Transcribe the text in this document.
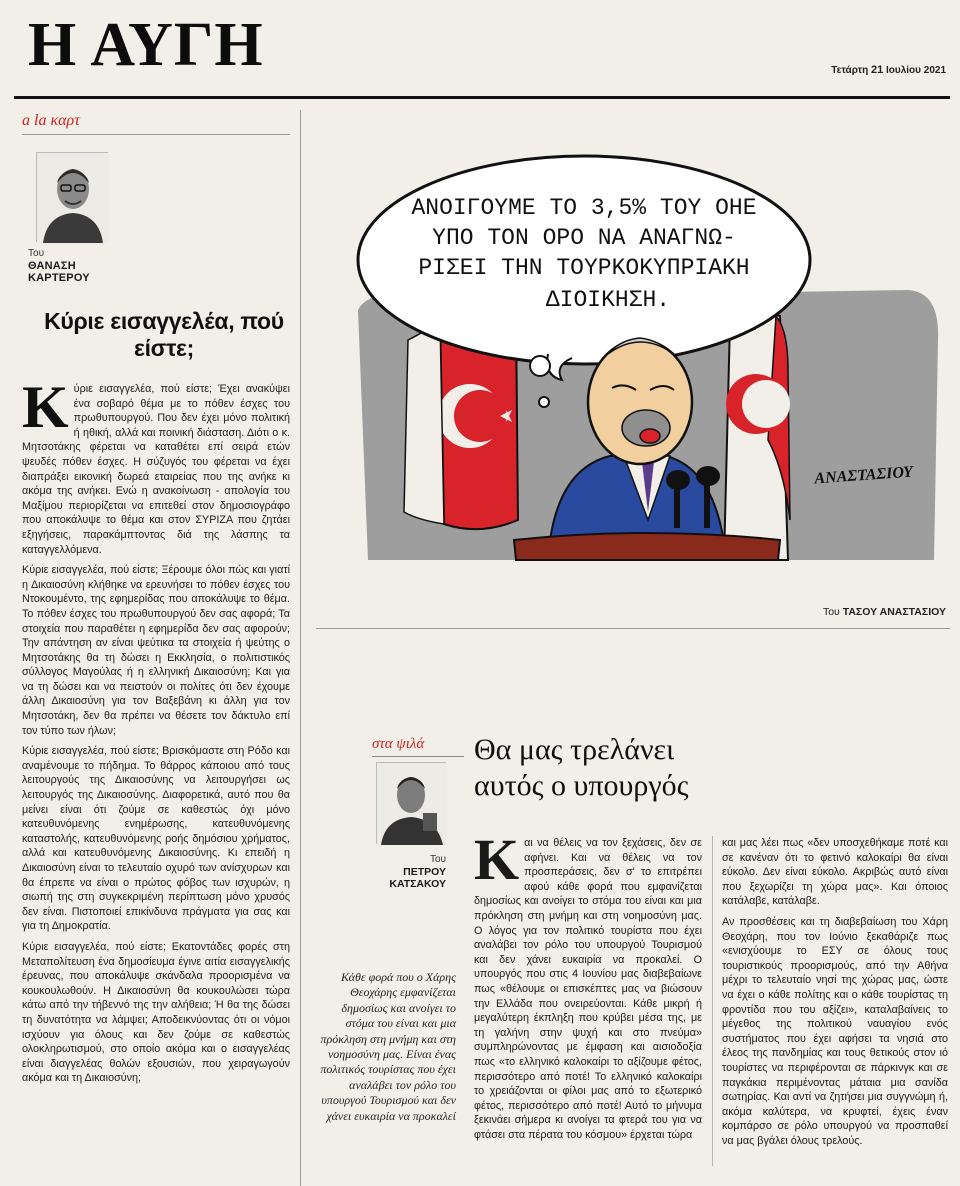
Η ΑΥΓΗ	Τετάρτη 21 Ιουλίου 2021
a la καρτ
Του
ΘΑΝΑΣΗ
ΚΑΡΤΕΡΟΥ
Κύριε εισαγγελέα, πού είστε;

Κύριε εισαγγελέα, πού είστε; Έχει ανακύψει ένα σοβαρό θέμα με το πόθεν έσχες του πρωθυπουργού. Που δεν έχει μόνο πολιτική ή ηθική, αλλά και ποινική διάσταση. Διότι ο κ. Μητσοτάκης φέρεται να καταθέτει επί σειρά ετών ψευδές πόθεν έσχες. Η σύζυγός του φέρεται να έχει διαπράξει εικονική δωρεά εταιρείας που της ανήκε κι ακόμα της ανήκει. Ενώ η ανακοίνωση - απολογία του Μαξίμου περιορίζεται να επιτεθεί στον δημοσιογράφο που αποκάλυψε το θέμα και στον ΣΥΡΙΖΑ που ζητάει εξηγήσεις, παρακάμπτοντας διά της λάσπης τα καταγγελλόμενα.

Κύριε εισαγγελέα, πού είστε; Ξέρουμε όλοι πώς και γιατί η Δικαιοσύνη κλήθηκε να ερευνήσει το πόθεν έσχες του Ντοκουμέντο, της εφημερίδας που αποκάλυψε το θέμα. Το πόθεν έσχες του πρωθυπουργού δεν σας αφορά; Τα στοιχεία που παραθέτει η εφημερίδα δεν σας αφορούν; Την απάντηση αν είναι ψεύτικα τα στοιχεία ή ψεύτης ο Μητσοτάκης θα τη δώσει η Εκκλησία, ο πολιτιστικός σύλλογος Μαγούλας ή η ελληνική Δικαιοσύνη; Και για να τη δώσει και να πειστούν οι πολίτες ότι δεν έχουμε άλλη Δικαιοσύνη για τον Βαξεβάνη κι άλλη για τον Μητσοτάκη, δεν θα πρέπει να θέσετε τον δάκτυλο επί τον τύπο των ήλων;

Κύριε εισαγγελέα, πού είστε; Βρισκόμαστε στη Ρόδο και αναμένουμε το πήδημα. Το θάρρος κάποιου από τους λειτουργούς της Δικαιοσύνης να λειτουργήσει ως λειτουργός της Δικαιοσύνης. Διαφορετικά, αυτό που θα μείνει είναι ότι ζούμε σε καθεστώς όχι μόνο κατευθυνόμενης ενημέρωσης, κατευθυνόμενης καταστολής, κατευθυνόμενης ροής δημόσιου χρήματος, αλλά και κατευθυνόμενης Δικαιοσύνης. Κι επειδή η Δικαιοσύνη είναι το τελευταίο οχυρό των ανίσχυρων και θα έπρεπε να είναι ο πρώτος φόβος των ισχυρών, η σιωπή της στη συγκεκριμένη περίπτωση μόνο χρυσός δεν είναι. Πιστοποιεί επικίνδυνα πράγματα για σας και για τη Δημοκρατία.

Κύριε εισαγγελέα, πού είστε; Εκατοντάδες φορές στη Μεταπολίτευση ένα δημοσίευμα έγινε αιτία εισαγγελικής έρευνας, που αποκάλυψε σκάνδαλα προορισμένα να κουκουλωθούν. Η Δικαιοσύνη θα κουκουλώσει τώρα κάτω από την τήβεννό της την αλήθεια; Ή θα της δώσει τη δυνατότητα να λάμψει; Αποδεικνύοντας ότι οι νόμοι ισχύουν για όλους και δεν ζούμε σε καθεστώς ολοκληρωτισμού, στο οποίο ακόμα και ο εισαγγελέας είναι διαγγελέας θολών εξουσιών, που χειραγωγούν ακόμα και τη Δικαιοσύνη;

ΑΝΟΙΓΟΥΜΕ ΤΟ 3,5% ΤΟΥ ΟΗΕ
ΥΠΟ ΤΟΝ ΟΡΟ ΝΑ ΑΝΑΓΝΩ-
ΡΙΣΕΙ ΤΗΝ ΤΟΥΡΚΟΚΥΠΡΙΑΚΗ
ΔΙΟΙΚΗΣΗ.
ΑΝΑΣΤΑΣΙΟΥ
Του ΤΑΣΟΥ ΑΝΑΣΤΑΣΙΟΥ
στα ψιλά
Του
ΠΕΤΡΟΥ
ΚΑΤΣΑΚΟΥ
Θα μας τρελάνει
αυτός ο υπουργός
Κάθε φορά που ο Χάρης Θεοχάρης εμφανίζεται δημοσίως και ανοίγει το στόμα του είναι και μια πρόκληση στη μνήμη και στη νοημοσύνη μας. Είναι ένας πολιτικός τουρίστας που έχει αναλάβει τον ρόλο του υπουργού Τουρισμού και δεν χάνει ευκαιρία να προκαλεί
Και να θέλεις να τον ξεχάσεις, δεν σε αφήνει. Και να θέλεις να τον προσπεράσεις, δεν σ' το επιτρέπει αφού κάθε φορά που εμφανίζεται δημοσίως και ανοίγει το στόμα του είναι και μια πρόκληση στη μνήμη και στη νοημοσύνη μας. Ο λόγος για τον πολιτικό τουρίστα που έχει αναλάβει τον ρόλο του υπουργού Τουρισμού και δεν χάνει ευκαιρία να προκαλεί. Ο υπουργός που στις 4 Ιουνίου μας διαβεβαίωνε πως «θέλουμε οι επισκέπτες μας να βιώσουν την Ελλάδα που ονειρεύονται. Κάθε μικρή ή μεγαλύτερη έκπληξη που κρύβει μέσα της, με τη γαλήνη στην ψυχή και στο πνεύμα» συμπληρώνοντας με έμφαση και αισιοδοξία πως «το ελληνικό καλοκαίρι το αξίζουμε φέτος, περισσότερο από ποτέ! Το ελληνικό καλοκαίρι το χρειάζονται οι φίλοι μας από το εξωτερικό φέτος, περισσότερο από ποτέ! Αυτό το μήνυμα ξεκινάει σήμερα κι ανοίγει τα φτερά του για να φτάσει στα πέρατα του κόσμου» έρχεται τώρα

και μας λέει πως «δεν υποσχεθήκαμε ποτέ και σε κανέναν ότι το φετινό καλοκαίρι θα είναι εύκολο. Δεν είναι εύκολο. Ακριβώς αυτό είναι που ξεχωρίζει τη χώρα μας». Και όποιος κατάλαβε, κατάλαβε.

Αν προσθέσεις και τη διαβεβαίωση του Χάρη Θεοχάρη, που τον Ιούνιο ξεκαθάριζε πως «ενισχύουμε το ΕΣΥ σε όλους τους τουριστικούς προορισμούς, από την Αθήνα μέχρι το τελευταίο νησί της χώρας μας, ώστε να έχει ο κάθε πολίτης και ο κάθε τουρίστας τη φροντίδα που του αξίζει», καταλαβαίνεις το μέγεθος της πολιτικού ναυαγίου ενός συστήματος που έχει αφήσει τα νησιά στο έλεος της πανδημίας και τους θετικούς στον ιό τουρίστες να περιφέρονται σε πάρκινγκ και σε παγκάκια περιμένοντας μάταια μια σανίδα σωτηρίας. Και αντί να ζητήσει μια συγγνώμη ή, ακόμα καλύτερα, να κρυφτεί, έχεις έναν κομπάρσο σε ρόλο υπουργού να προσπαθεί να μας βγάλει όλους τρελούς.
